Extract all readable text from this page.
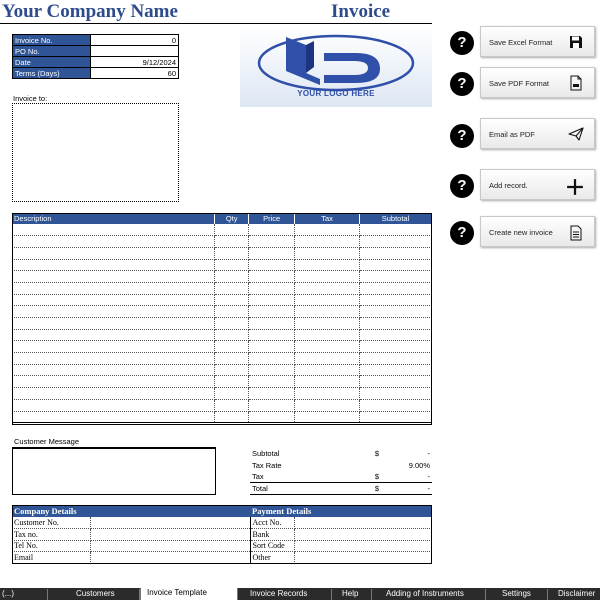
Your Company Name	Invoice
Invoice No.	0
PO No.	
Date	9/12/2024
Terms (Days)	60
YOUR LOGO HERE
Invoice to:
Description	Qty	Price	Tax	Subtotal

Customer Message
Subtotal	$	-
Tax Rate		9.00%
Tax	$	-
Total	$	-
Company Details		Payment Details	
Customer No.		Acct No.	
Tax no.		Bank	
Tel No.		Sort Code	
Email		Other	
?	Save Excel Format
?	Save PDF Format
?	Email as PDF
?	Add record.
?	Create new invoice
(...)	Customers	Invoice Template	Invoice Records	Help	Adding of Instruments	Settings	Disclaimer
